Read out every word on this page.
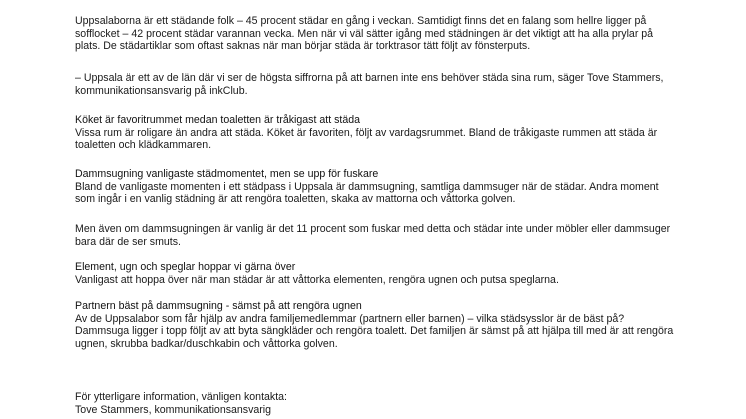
Uppsalaborna är ett städande folk – 45 procent städar en gång i veckan. Samtidigt finns det en falang som hellre ligger på sofflocket – 42 procent städar varannan vecka. Men när vi väl sätter igång med städningen är det viktigt att ha alla prylar på plats. De städartiklar som oftast saknas när man börjar städa är torktrasor tätt följt av fönsterputs.

– Uppsala är ett av de län där vi ser de högsta siffrorna på att barnen inte ens behöver städa sina rum, säger Tove Stammers, kommunikationsansvarig på inkClub.

Köket är favoritrummet medan toaletten är tråkigast att städa
Vissa rum är roligare än andra att städa. Köket är favoriten, följt av vardagsrummet. Bland de tråkigaste rummen att städa är toaletten och klädkammaren.
Dammsugning vanligaste städmomentet, men se upp för fuskare
Bland de vanligaste momenten i ett städpass i Uppsala är dammsugning, samtliga dammsuger när de städar. Andra moment som ingår i en vanlig städning är att rengöra toaletten, skaka av mattorna och våttorka golven.

Men även om dammsugningen är vanlig är det 11 procent som fuskar med detta och städar inte under möbler eller dammsuger bara där de ser smuts.

Element, ugn och speglar hoppar vi gärna över
Vanligast att hoppa över när man städar är att våttorka elementen, rengöra ugnen och putsa speglarna.
Partnern bäst på dammsugning - sämst på att rengöra ugnen
Av de Uppsalabor som får hjälp av andra familjemedlemmar (partnern eller barnen) – vilka städsysslor är de bäst på? Dammsuga ligger i topp följt av att byta sängkläder och rengöra toalett. Det familjen är sämst på att hjälpa till med är att rengöra ugnen, skrubba badkar/duschkabin och våttorka golven.
För ytterligare information, vänligen kontakta:
Tove Stammers, kommunikationsansvarig
